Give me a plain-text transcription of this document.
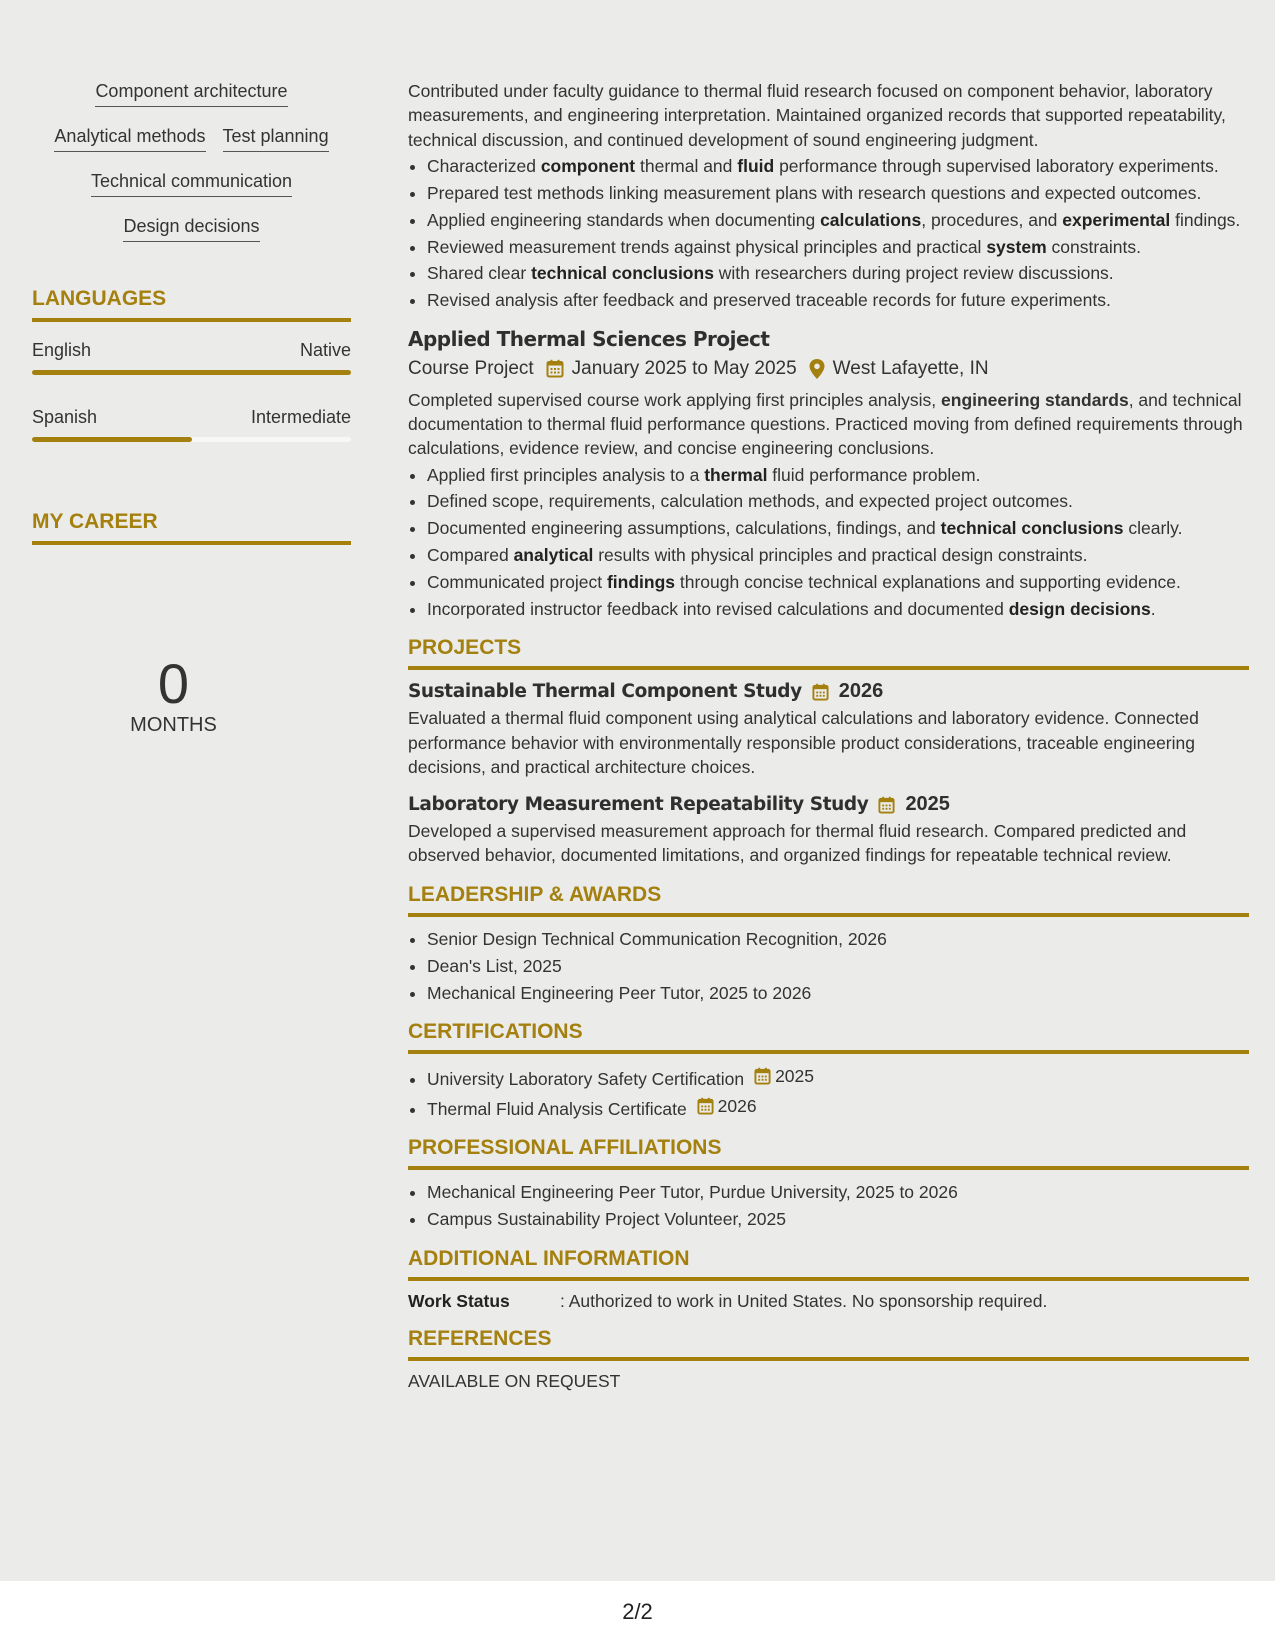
Component architecture
Analytical methods Test planning
Technical communication
Design decisions
LANGUAGES
English	Native
Spanish	Intermediate
MY CAREER
0
MONTHS

Contributed under faculty guidance to thermal fluid research focused on component behavior, laboratory measurements, and engineering interpretation. Maintained organized records that supported repeatability, technical discussion, and continued development of sound engineering judgment.

• Characterized component thermal and fluid performance through supervised laboratory experiments.
• Prepared test methods linking measurement plans with research questions and expected outcomes.
• Applied engineering standards when documenting calculations, procedures, and experimental findings.
• Reviewed measurement trends against physical principles and practical system constraints.
• Shared clear technical conclusions with researchers during project review discussions.
• Revised analysis after feedback and preserved traceable records for future experiments.
Applied Thermal Sciences Project
Course Project January 2025 to May 2025 West Lafayette, IN

Completed supervised course work applying first principles analysis, engineering standards, and technical documentation to thermal fluid performance questions. Practiced moving from defined requirements through calculations, evidence review, and concise engineering conclusions.

• Applied first principles analysis to a thermal fluid performance problem.
• Defined scope, requirements, calculation methods, and expected project outcomes.
• Documented engineering assumptions, calculations, findings, and technical conclusions clearly.
• Compared analytical results with physical principles and practical design constraints.
• Communicated project findings through concise technical explanations and supporting evidence.
• Incorporated instructor feedback into revised calculations and documented design decisions.
PROJECTS
Sustainable Thermal Component Study 2026

Evaluated a thermal fluid component using analytical calculations and laboratory evidence. Connected performance behavior with environmentally responsible product considerations, traceable engineering decisions, and practical architecture choices.

Laboratory Measurement Repeatability Study 2025

Developed a supervised measurement approach for thermal fluid research. Compared predicted and observed behavior, documented limitations, and organized findings for repeatable technical review.

LEADERSHIP & AWARDS
• Senior Design Technical Communication Recognition, 2026
• Dean's List, 2025
• Mechanical Engineering Peer Tutor, 2025 to 2026
CERTIFICATIONS
• University Laboratory Safety Certification 2025
• Thermal Fluid Analysis Certificate 2026
PROFESSIONAL AFFILIATIONS
• Mechanical Engineering Peer Tutor, Purdue University, 2025 to 2026
• Campus Sustainability Project Volunteer, 2025
ADDITIONAL INFORMATION
Work Status	: Authorized to work in United States. No sponsorship required.
REFERENCES
AVAILABLE ON REQUEST
2/2
